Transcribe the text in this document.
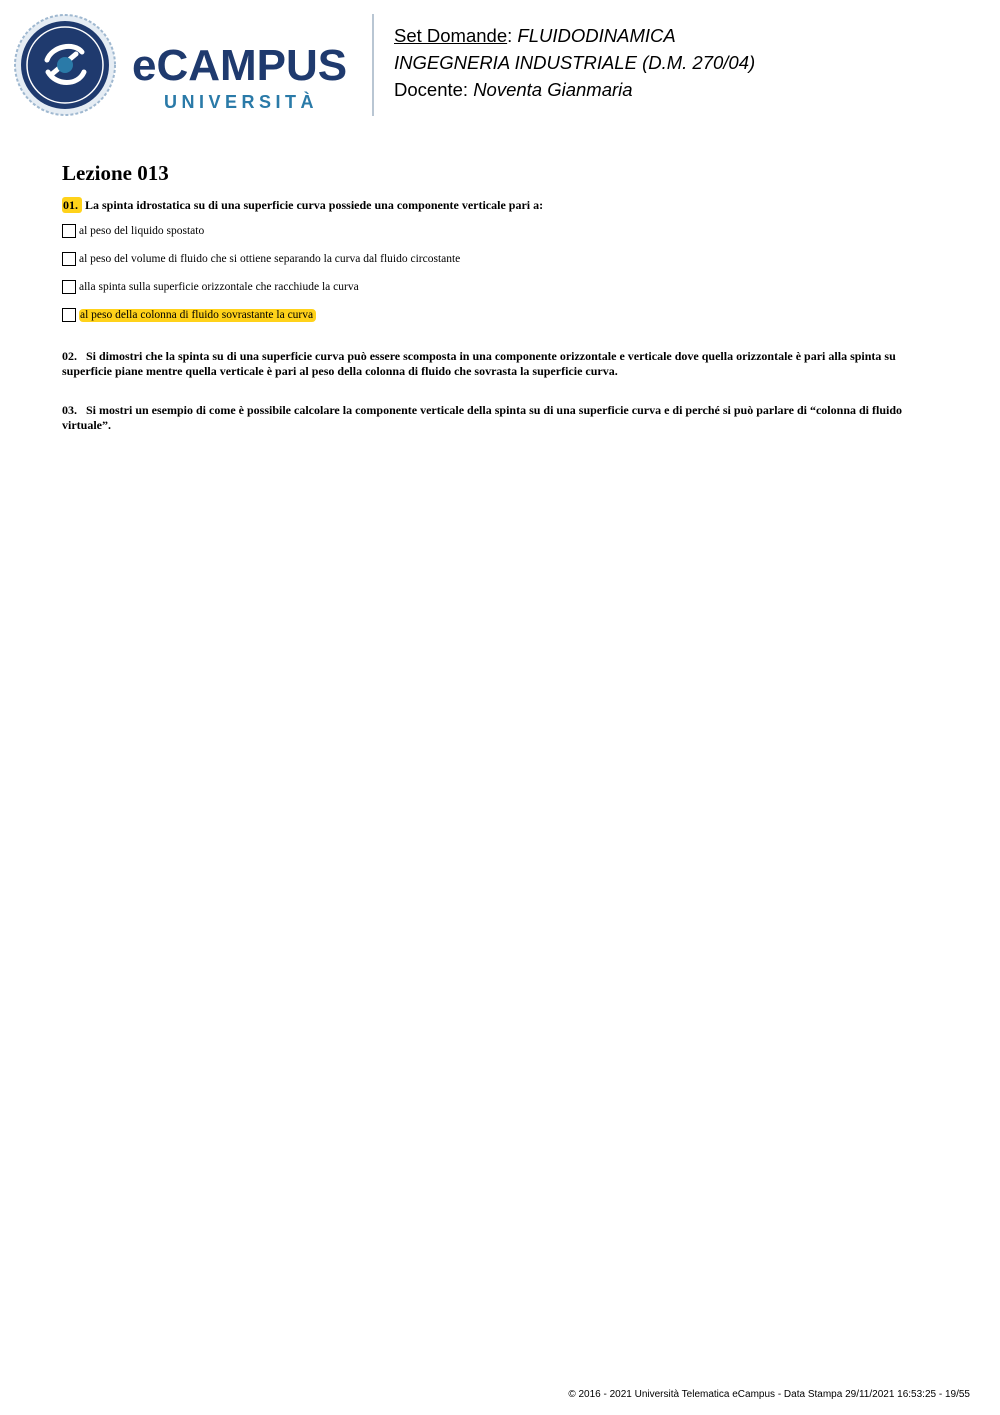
eCAMPUS
UNIVERSITÀ
Set Domande: FLUIDODINAMICA
INGEGNERIA INDUSTRIALE (D.M. 270/04)
Docente: Noventa Gianmaria
Lezione 013
01. La spinta idrostatica su di una superficie curva possiede una componente verticale pari a:
al peso del liquido spostato
al peso del volume di fluido che si ottiene separando la curva dal fluido circostante
alla spinta sulla superficie orizzontale che racchiude la curva
al peso della colonna di fluido sovrastante la curva
02. Si dimostri che la spinta su di una superficie curva può essere scomposta in una componente orizzontale e verticale dove quella orizzontale è pari alla spinta su superficie piane mentre quella verticale è pari al peso della colonna di fluido che sovrasta la superficie curva.
03. Si mostri un esempio di come è possibile calcolare la componente verticale della spinta su di una superficie curva e di perché si può parlare di “colonna di fluido virtuale”.
© 2016 - 2021 Università Telematica eCampus - Data Stampa 29/11/2021 16:53:25 - 19/55
